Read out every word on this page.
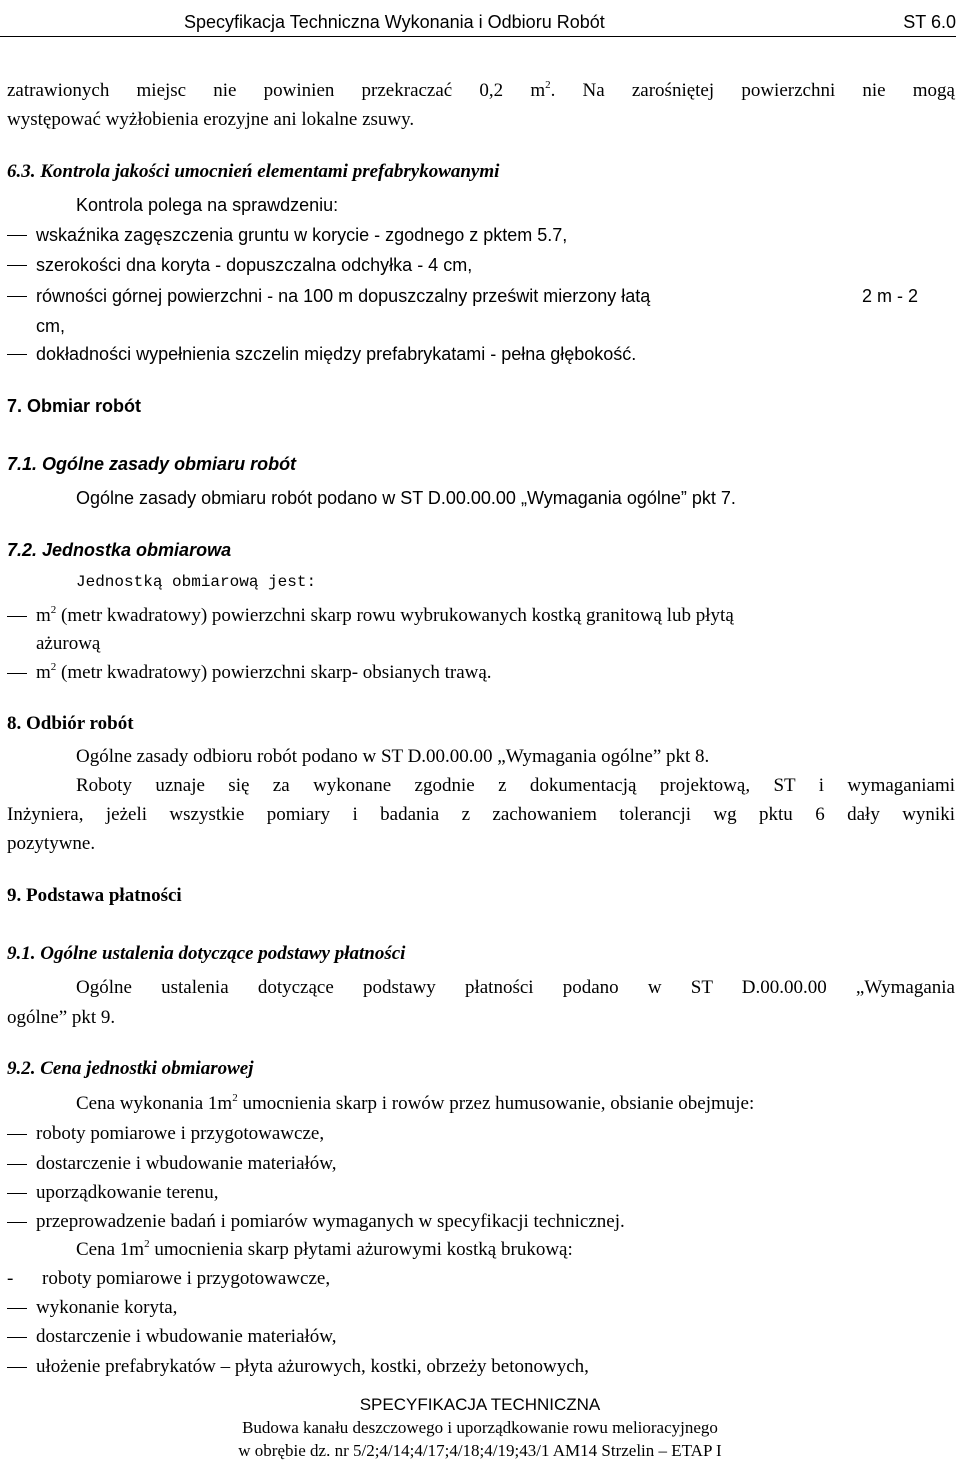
Specyfikacja Techniczna Wykonania i Odbioru Robót	ST 6.0
zatrawionych miejsc nie powinien przekraczać 0,2 $m^2$. Na zarośniętej powierzchni nie mogą
występować wyżłobienia erozyjne ani lokalne zsuwy.
6.3. Kontrola jakości umocnień elementami prefabrykowanymi
Kontrola polega na sprawdzeniu:
wskaźnika zagęszczenia gruntu w korycie - zgodnego z pktem 5.7,
szerokości dna koryta - dopuszczalna odchyłka - 4 cm,
równości górnej powierzchni - na 100 m dopuszczalny prześwit mierzony łatą	2 m - 2
cm,
dokładności wypełnienia szczelin między prefabrykatami - pełna głębokość.
7. Obmiar robót
7.1. Ogólne zasady obmiaru robót
Ogólne zasady obmiaru robót podano w ST D.00.00.00 „Wymagania ogólne” pkt 7.
7.2. Jednostka obmiarowa
Jednostką obmiarową jest:
$m^2$ (metr kwadratowy) powierzchni skarp rowu wybrukowanych kostką granitową lub płytą
ażurową
$m^2$ (metr kwadratowy) powierzchni skarp- obsianych trawą.
8. Odbiór robót
Ogólne zasady odbioru robót podano w ST D.00.00.00 „Wymagania ogólne” pkt 8.
Roboty uznaje się za wykonane zgodnie z dokumentacją projektową, ST i wymaganiami
Inżyniera, jeżeli wszystkie pomiary i badania z zachowaniem tolerancji wg pktu 6 dały wyniki
pozytywne.
9. Podstawa płatności
9.1. Ogólne ustalenia dotyczące podstawy płatności
Ogólne ustalenia dotyczące podstawy płatności podano w ST D.00.00.00 „Wymagania
ogólne” pkt 9.
9.2. Cena jednostki obmiarowej
Cena wykonania $1m^2$ umocnienia skarp i rowów przez humusowanie, obsianie obejmuje:
roboty pomiarowe i przygotowawcze,
dostarczenie i wbudowanie materiałów,
uporządkowanie terenu,
przeprowadzenie badań i pomiarów wymaganych w specyfikacji technicznej.
Cena $1m^2$ umocnienia skarp płytami ażurowymi kostką brukową:
- roboty pomiarowe i przygotowawcze,
wykonanie koryta,
dostarczenie i wbudowanie materiałów,
ułożenie prefabrykatów – płyta ażurowych, kostki, obrzeży betonowych,
SPECYFIKACJA TECHNICZNA
Budowa kanału deszczowego i uporządkowanie rowu melioracyjnego
w obrębie dz. nr 5/2;4/14;4/17;4/18;4/19;43/1 AM14 Strzelin – ETAP I
